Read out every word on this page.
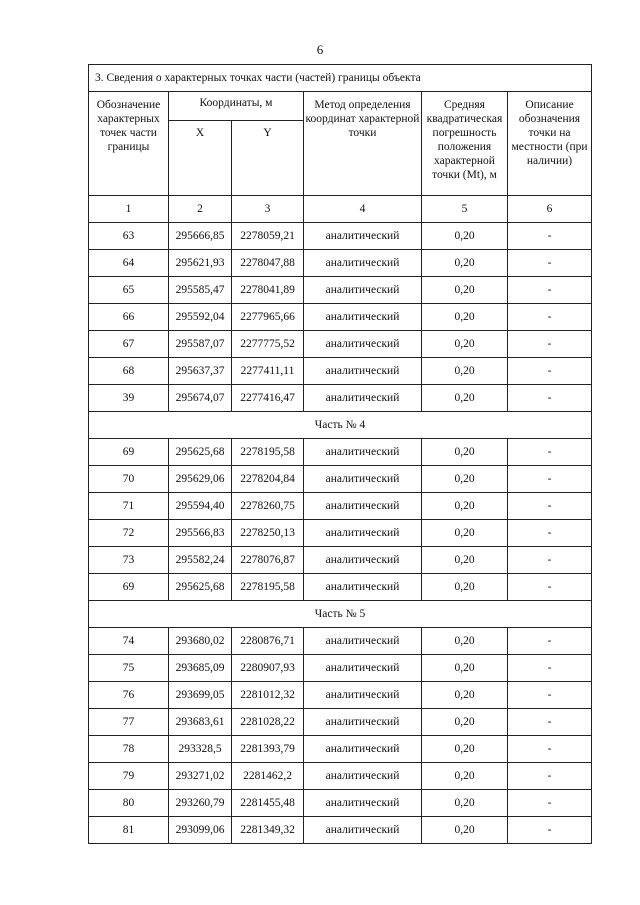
6
3. Сведения о характерных точках части (частей) границы объекта					
Обозначение характерных точек части границы	Координаты, м		Метод определения координат характерной точки	Средняя квадратическая погрешность положения характерной точки (Mt), м	Описание обозначения точки на местности (при наличии)
	X	Y			
1	2	3	4	5	6
63	295666,85	2278059,21	аналитический	0,20	-
64	295621,93	2278047,88	аналитический	0,20	-
65	295585,47	2278041,89	аналитический	0,20	-
66	295592,04	2277965,66	аналитический	0,20	-
67	295587,07	2277775,52	аналитический	0,20	-
68	295637,37	2277411,11	аналитический	0,20	-
39	295674,07	2277416,47	аналитический	0,20	-
Часть № 4					
69	295625,68	2278195,58	аналитический	0,20	-
70	295629,06	2278204,84	аналитический	0,20	-
71	295594,40	2278260,75	аналитический	0,20	-
72	295566,83	2278250,13	аналитический	0,20	-
73	295582,24	2278076,87	аналитический	0,20	-
69	295625,68	2278195,58	аналитический	0,20	-
Часть № 5					
74	293680,02	2280876,71	аналитический	0,20	-
75	293685,09	2280907,93	аналитический	0,20	-
76	293699,05	2281012,32	аналитический	0,20	-
77	293683,61	2281028,22	аналитический	0,20	-
78	293328,5	2281393,79	аналитический	0,20	-
79	293271,02	2281462,2	аналитический	0,20	-
80	293260,79	2281455,48	аналитический	0,20	-
81	293099,06	2281349,32	аналитический	0,20	-
